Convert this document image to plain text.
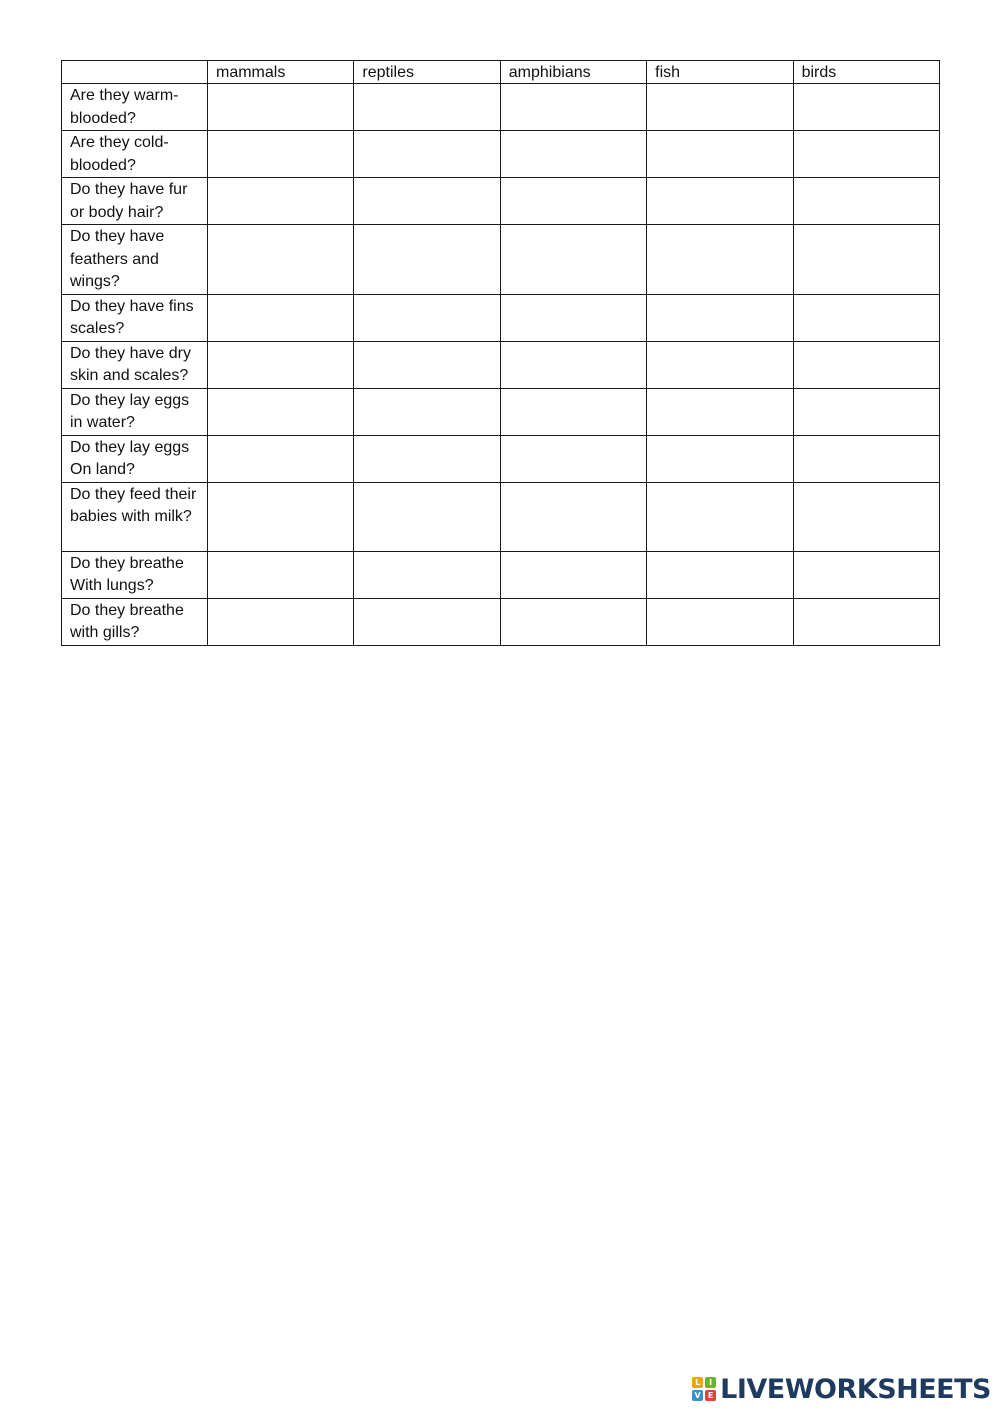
	mammals	reptiles	amphibians	fish	birds
Are they warm-blooded?					
Are they cold-blooded?					
Do they have fur or body hair?					
Do they have feathers and wings?					
Do they have fins scales?					
Do they have dry skin and scales?					
Do they lay eggs in water?					
Do they lay eggs On land?					
Do they feed their babies with milk?					
Do they breathe With lungs?					
Do they breathe with gills?					
L	I
V E LIVEWORKSHEETS
